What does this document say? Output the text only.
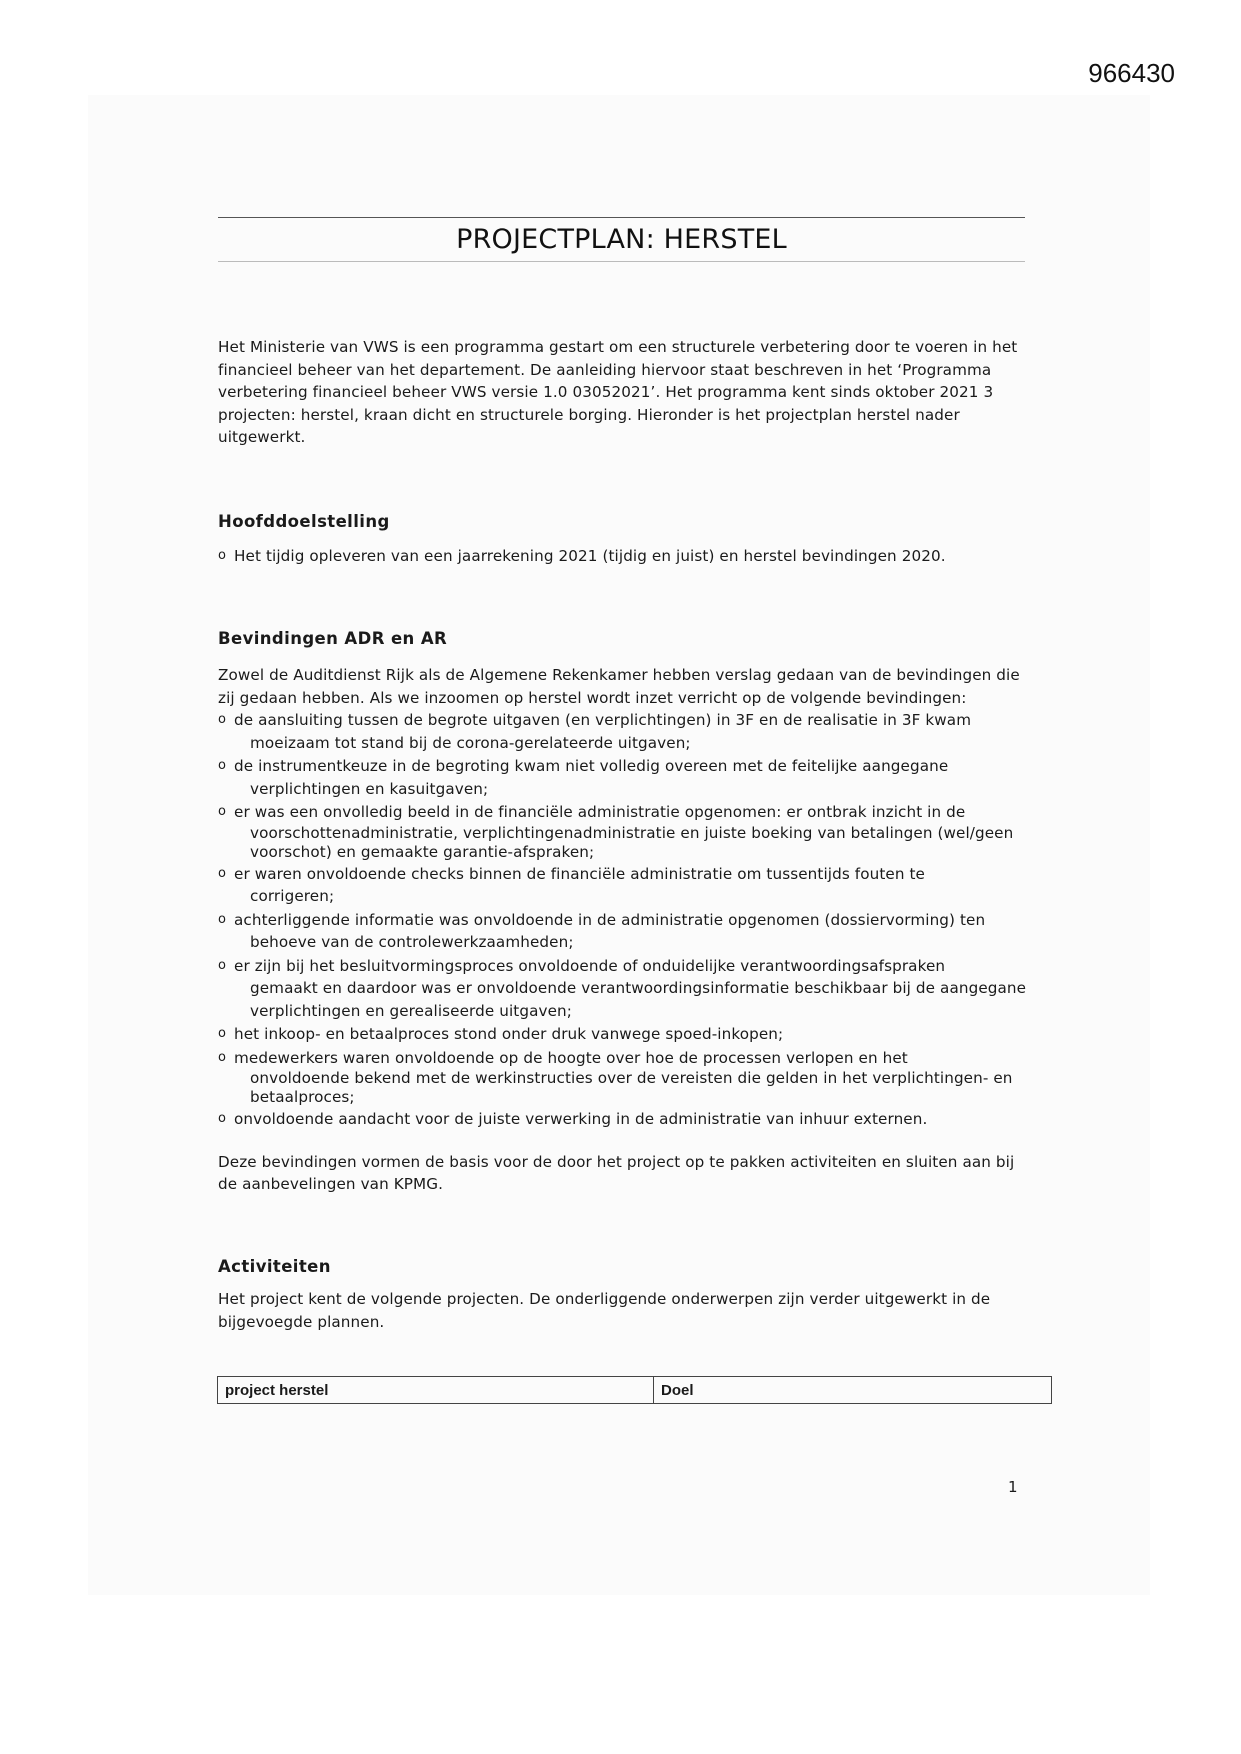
966430
PROJECTPLAN: HERSTEL

Het Ministerie van VWS is een programma gestart om een structurele verbetering door te voeren in het financieel beheer van het departement. De aanleiding hiervoor staat beschreven in het ‘Programma verbetering financieel beheer VWS versie 1.0 03052021’. Het programma kent sinds oktober 2021 3 projecten: herstel, kraan dicht en structurele borging. Hieronder is het projectplan herstel nader uitgewerkt.

Hoofddoelstelling
o Het tijdig opleveren van een jaarrekening 2021 (tijdig en juist) en herstel bevindingen 2020.
Bevindingen ADR en AR

Zowel de Auditdienst Rijk als de Algemene Rekenkamer hebben verslag gedaan van de bevindingen die zij gedaan hebben. Als we inzoomen op herstel wordt inzet verricht op de volgende bevindingen:

o de aansluiting tussen de begrote uitgaven (en verplichtingen) in 3F en de realisatie in 3F kwam
moeizaam tot stand bij de corona-gerelateerde uitgaven;
o de instrumentkeuze in de begroting kwam niet volledig overeen met de feitelijke aangegane
verplichtingen en kasuitgaven;
o er was een onvolledig beeld in de financiële administratie opgenomen: er ontbrak inzicht in de
voorschottenadministratie, verplichtingenadministratie en juiste boeking van betalingen (wel/geen voorschot) en gemaakte garantie-afspraken;
o er waren onvoldoende checks binnen de financiële administratie om tussentijds fouten te
corrigeren;
o achterliggende informatie was onvoldoende in de administratie opgenomen (dossiervorming) ten
behoeve van de controlewerkzaamheden;
o er zijn bij het besluitvormingsproces onvoldoende of onduidelijke verantwoordingsafspraken
gemaakt en daardoor was er onvoldoende verantwoordingsinformatie beschikbaar bij de aangegane verplichtingen en gerealiseerde uitgaven;
o het inkoop- en betaalproces stond onder druk vanwege spoed-inkopen;
o medewerkers waren onvoldoende op de hoogte over hoe de processen verlopen en het
onvoldoende bekend met de werkinstructies over de vereisten die gelden in het verplichtingen- en betaalproces;
o onvoldoende aandacht voor de juiste verwerking in de administratie van inhuur externen.

Deze bevindingen vormen de basis voor de door het project op te pakken activiteiten en sluiten aan bij de aanbevelingen van KPMG.

Activiteiten

Het project kent de volgende projecten. De onderliggende onderwerpen zijn verder uitgewerkt in de bijgevoegde plannen.

project herstel	Doel
1
